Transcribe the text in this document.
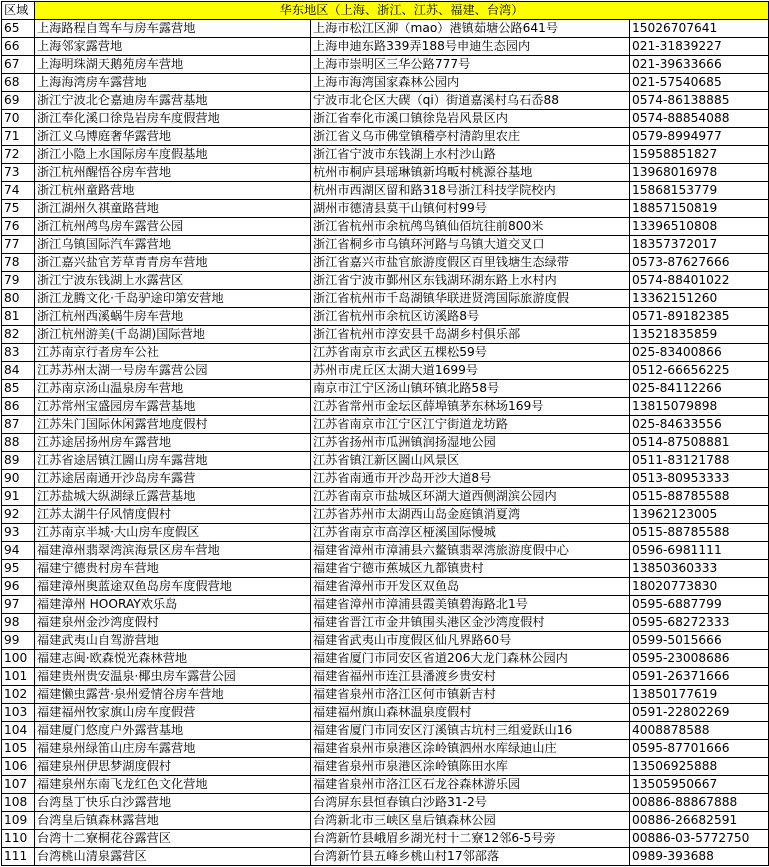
区域	华东地区（上海、浙江、江苏、福建、台湾）		
65	上海路程自驾车与房车露营地	上海市松江区泖（mao）港镇茹塘公路641号	15026707641
66	上海邻家露营地	上海申迪东路339弄188号申迪生态园内	021-31839227
67	上海明珠湖天鹅苑房车营地	上海市崇明区三华公路777号	021-39633666
68	上海海湾房车露营地	上海市海湾国家森林公园内	021-57540685
69	浙江宁波北仑嘉迪房车露营基地	宁波市北仑区大碶（qi）街道嘉溪村乌石岙88	0574-86138885
70	浙江奉化溪口徐凫岩房车度假营地	浙江省奉化市溪口镇徐凫岩风景区内	0574-88854088
71	浙江义乌博庭奢华露营地	浙江省义乌市佛堂镇稽亭村清韵里农庄	0579-8994977
72	浙江小隐上水国际房车度假基地	浙江省宁波市东钱湖上水村沙山路	15958851827
73	浙江杭州醒悟谷房车营地	杭州市桐庐县瑶琳镇新坞畈村桃源谷基地	13968016978
74	浙江杭州童路营地	杭州市西湖区留和路318号浙江科技学院校内	15868153779
75	浙江湖州久祺童路营地	湖州市德清县莫干山镇何村99号	18857150819
76	浙江杭州鸬鸟房车露营公园	浙江省杭州市余杭鸬鸟镇仙佰坑往前800米	13396510808
77	浙江乌镇国际汽车露营地	浙江省桐乡市乌镇环河路与乌镇大道交叉口	18357372017
78	浙江嘉兴盐官芳草青青房车营地	浙江省嘉兴市盐官旅游度假区百里钱塘生态绿带	0573-87627666
79	浙江宁波东钱湖上水露营区	浙江省宁波市鄞州区东钱湖环湖东路上水村内	0574-88401022
80	浙江龙腾文化·千岛驴途印第安营地	浙江省杭州市千岛湖镇华联进贤湾国际旅游度假	13362151260
81	浙江杭州西溪蜗牛房车营地	浙江省杭州市余杭区访溪路8号	0571-89182385
82	浙江杭州游美(千岛湖)国际营地	浙江省杭州市淳安县千岛湖乡村俱乐部	13521835859
83	江苏南京行者房车公社	江苏省南京市玄武区五棵松59号	025-83400866
84	江苏苏州太湖一号房车露营公园	苏州市虎丘区太湖大道1699号	0512-66656225
85	江苏南京汤山温泉房车营地	南京市江宁区汤山镇环镇北路58号	025-84112266
86	江苏常州宝盛园房车露营基地	江苏省常州市金坛区薛埠镇茅东林场169号	13815079898
87	江苏朱门国际休闲露营地度假村	江苏省南京市江宁区江宁街道龙坊路	025-84633556
88	江苏途居扬州房车露营地	江苏省扬州市瓜洲镇润扬湿地公园	0514-87508881
89	江苏省途居镇江圌山房车露营地	江苏省镇江新区圌山风景区	0511-83121788
90	江苏途居南通开沙岛房车露营	江苏省南通市开沙岛开沙大道8号	0513-80953333
91	江苏盐城大纵湖绿丘露营基地	江苏省南京市盐城区环湖大道西侧湖滨公园内	0515-88785588
92	江苏太湖牛仔风情度假村	江苏省苏州市太湖西山岛金庭镇消夏湾	13962123005
93	江苏南京半城·大山房车度假区	江苏省南京市高淳区桠溪国际慢城	0515-88785588
94	福建漳州翡翠湾滨海景区房车营地	福建省漳州市漳浦县六鳌镇翡翠湾旅游度假中心	0596-6981111
95	福建宁德贵村房车营地	福建省宁德市蕉城区九都镇贵村	13850360333
96	福建漳州奥蓝途双鱼岛房车度假营地	福建省漳州市开发区双鱼岛	18020773830
97	福建漳州 HOORAY欢乐岛	福建省漳州市漳浦县霞美镇碧海路北1号	0595-6887799
98	福建泉州金沙湾度假村	福建省晋江市金井镇围头港区金沙湾度假村	0595-68272333
99	福建武夷山自驾游营地	福建省武夷山市度假区仙凡界路60号	0599-5015666
100	福建志闽·欧森悦光森林营地	福建省厦门市同安区省道206大龙门森林公园内	0595-23008686
101	福建贵州贵安温泉·椰虫房车露营公园	福建省福州市连江县潘渡乡贵安村	0591-26371666
102	福建懒虫露营·泉州爱情谷房车营地	福建省泉州市洛江区何市镇新吉村	13850177619
103	福建福州牧家旗山房车度假营	福建福州旗山森林温泉度假村	0591-22802269
104	福建厦门悠度户外露营基地	福建省厦门市同安区汀溪镇古坑村三组爱跃山16	4008878588
105	福建泉州绿笛山庄房车露营地	福建省泉州市泉港区涂岭镇泗州水库绿迪山庄	0595-87701666
106	福建泉州伊思梦湖度假村	福建省泉州市泉港区涂岭镇陈田水库	13506925888
107	福建泉州东南飞龙红色文化营地	福建省泉州市洛江区石龙谷森林游乐园	13505950667
108	台湾垦丁快乐白沙露营地	台湾屏东县恒春镇白沙路31-2号	00886-88867888
109	台湾皇后镇森林露营地	台湾新北市三峡区皇后镇森林公园	00886-26682591
110	台湾十二寮桐花谷露营区	台湾新竹县峨眉乡湖光村十二寮12邻6-5号旁	00886-03-5772750
111	台湾桃山清泉露营区	台湾新竹县五峰乡桃山村17邻部落	0989-393688
